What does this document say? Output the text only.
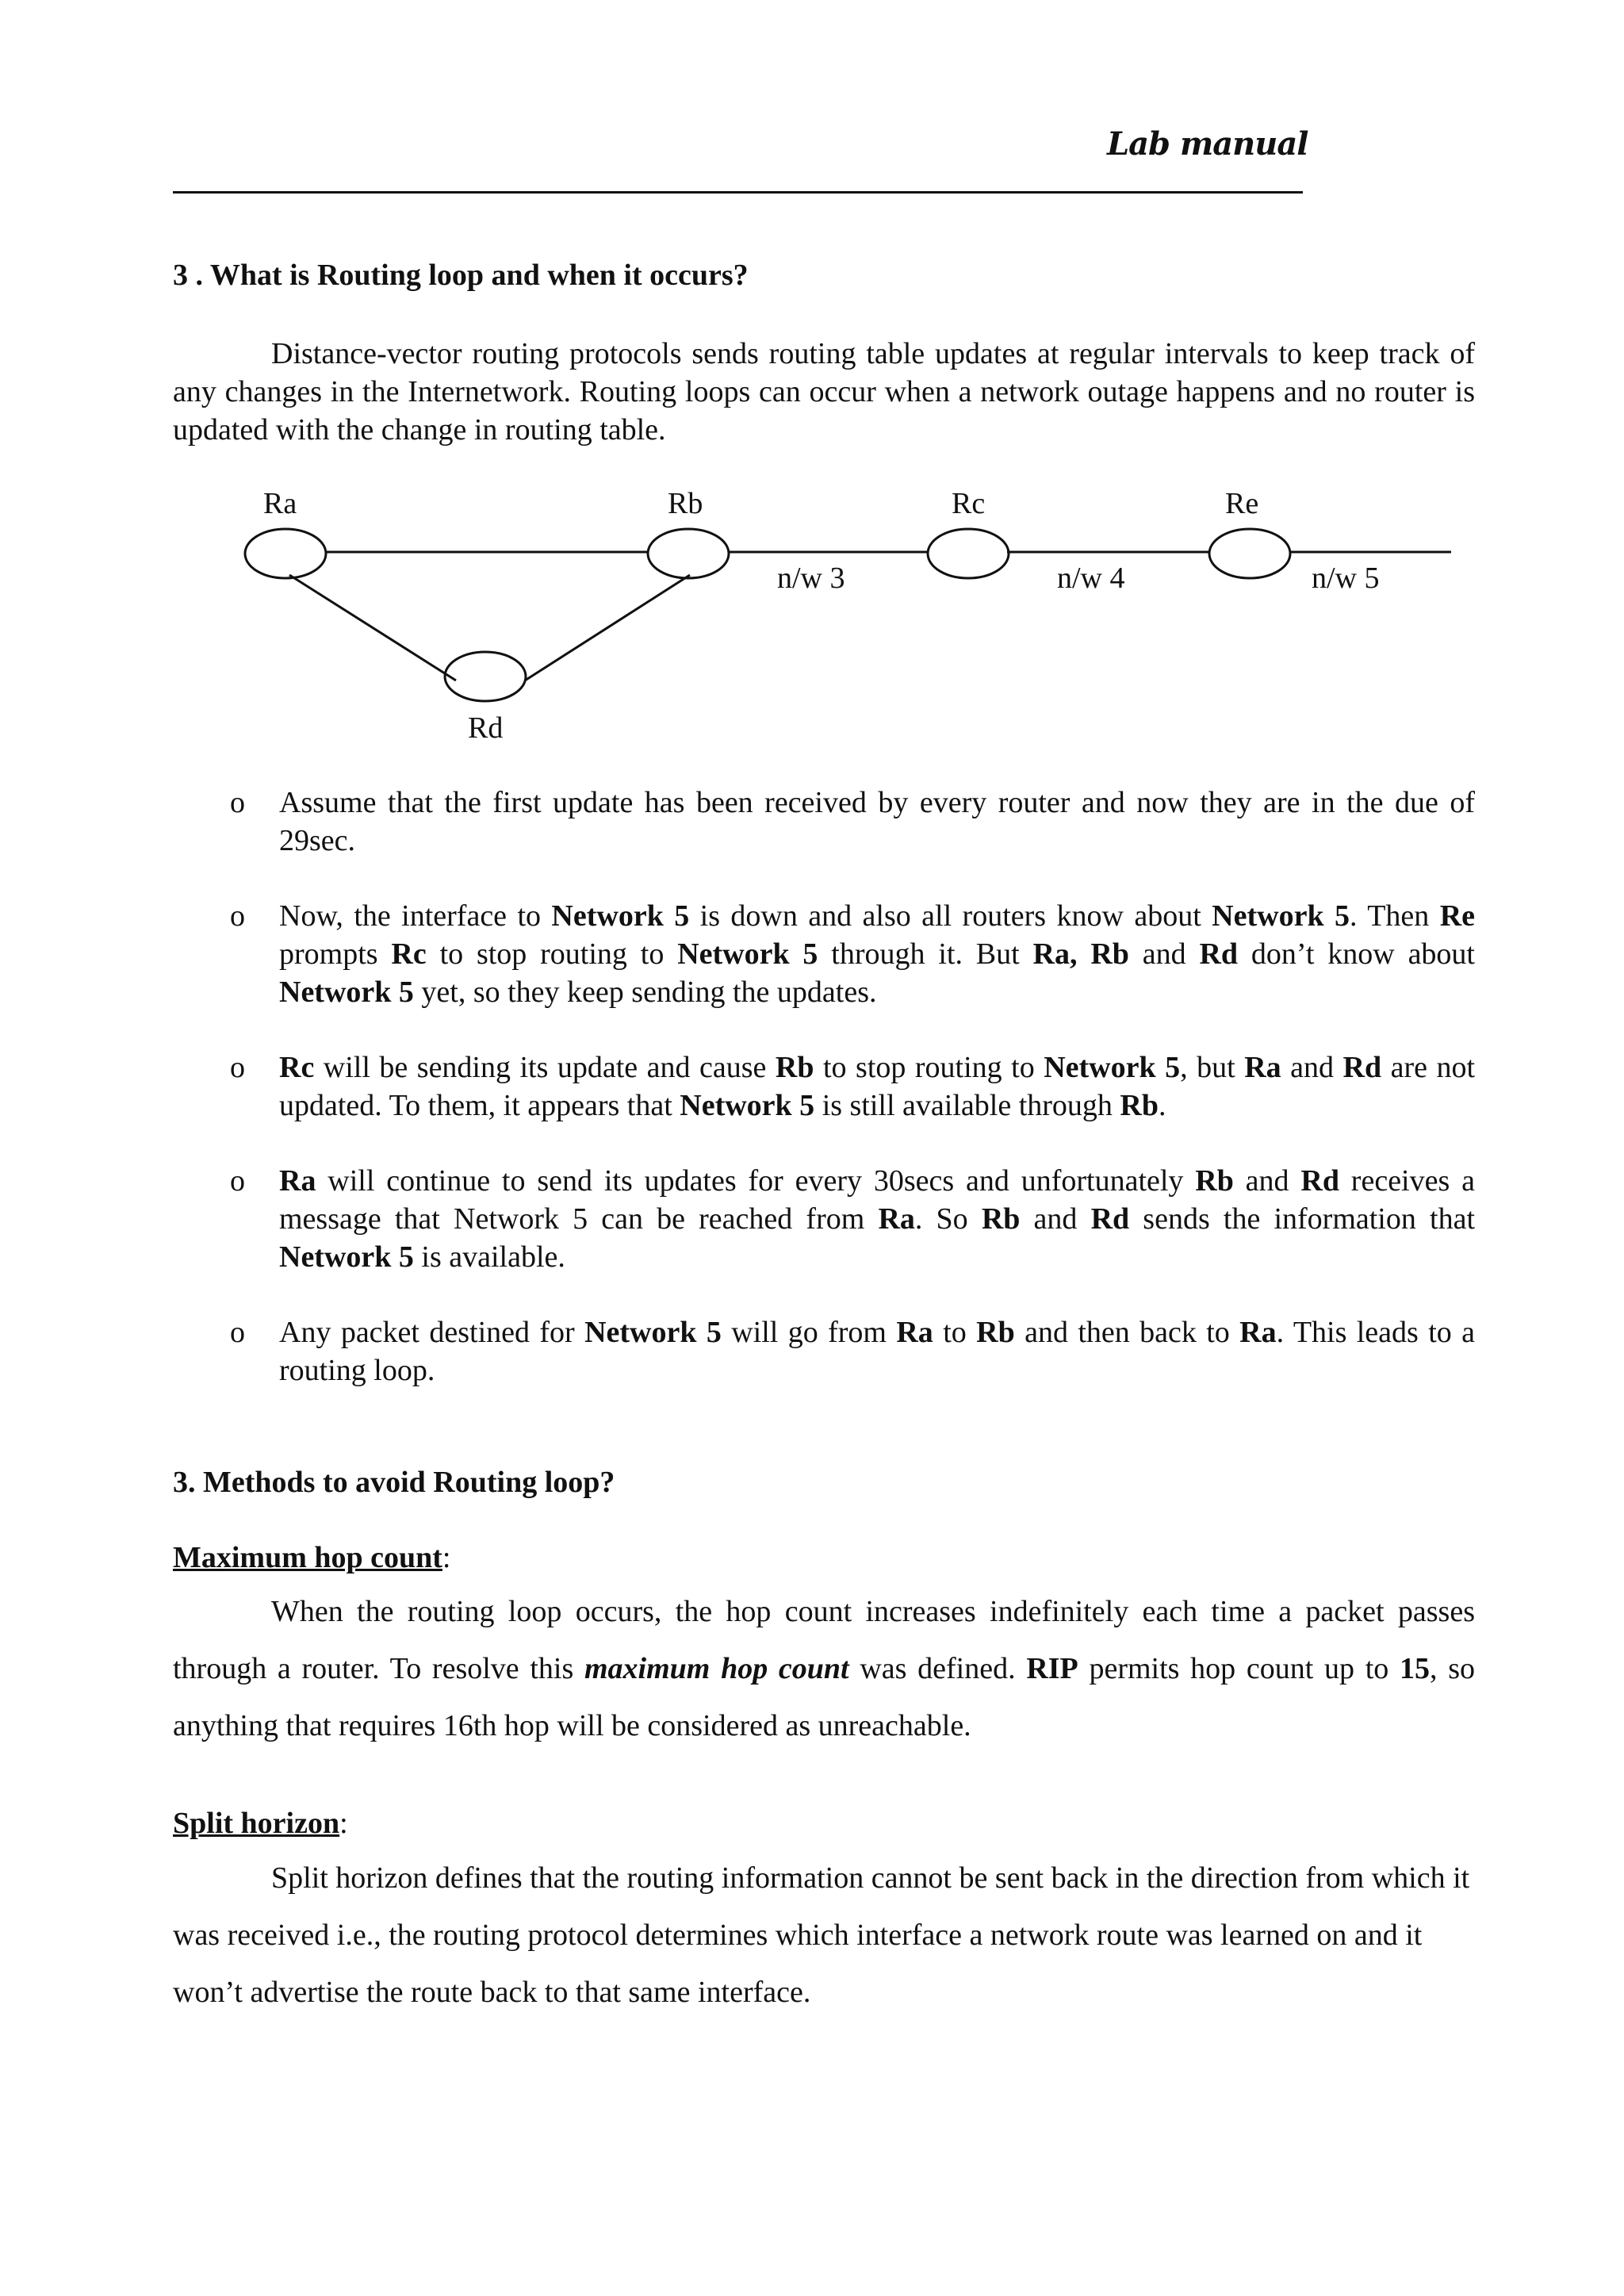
Lab manual
3 . What is Routing loop and when it occurs?
Distance-vector routing protocols sends routing table updates at regular intervals to keep track of any changes in the Internetwork. Routing loops can occur when a network outage happens and no router is updated with the change in routing table.
Ra	Rb	Rc	Re
Rd
n/w 3	n/w 4	n/w 5
o Assume that the first update has been received by every router and now they are in the due of 29sec.
o Now, the interface to Network 5 is down and also all routers know about Network 5. Then Re prompts Rc to stop routing to Network 5 through it. But Ra, Rb and Rd don’t know about Network 5 yet, so they keep sending the updates.
o Rc will be sending its update and cause Rb to stop routing to Network 5, but Ra and Rd are not updated. To them, it appears that Network 5 is still available through Rb.
o Ra will continue to send its updates for every 30secs and unfortunately Rb and Rd receives a message that Network 5 can be reached from Ra. So Rb and Rd sends the information that Network 5 is available.
o Any packet destined for Network 5 will go from Ra to Rb and then back to Ra. This leads to a routing loop.
3. Methods to avoid Routing loop?
Maximum hop count:
When the routing loop occurs, the hop count increases indefinitely each time a packet passes through a router. To resolve this maximum hop count was defined. RIP permits hop count up to 15, so anything that requires 16th hop will be considered as unreachable.
Split horizon:
Split horizon defines that the routing information cannot be sent back in the direction from which it was received i.e., the routing protocol determines which interface a network route was learned on and it won’t advertise the route back to that same interface.
